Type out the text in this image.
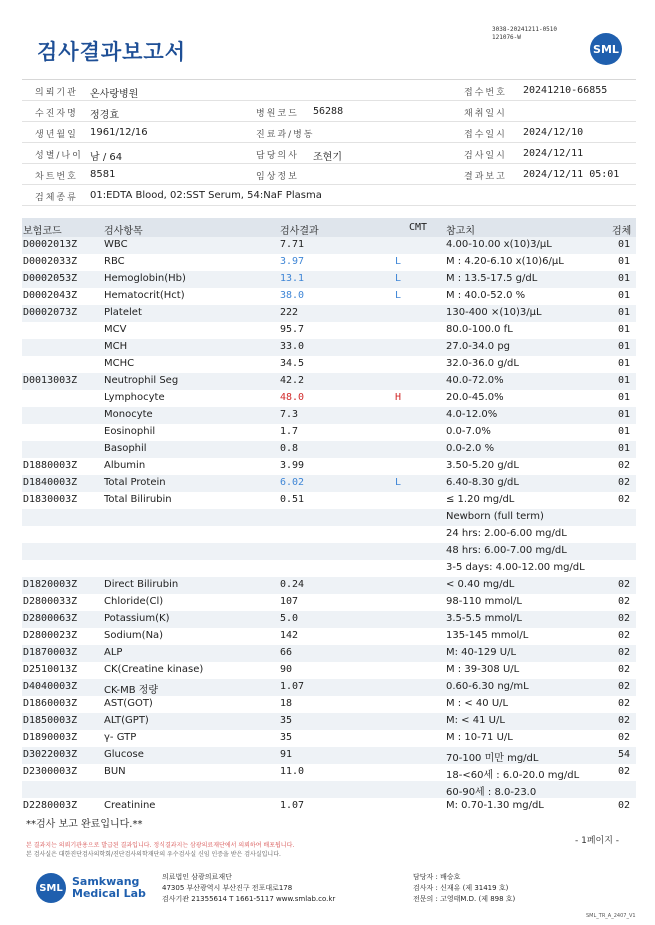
검사결과보고서
3038-20241211-0510
121076-W
SML
의뢰기관 온사랑병원	접수번호 20241210-66855
수진자명 정경효	병원코드 56288	채취일시
생년월일 1961/12/16	진료과/병동	접수일시 2024/12/10
성별/나이 남 / 64	담당의사 조현기	검사일시 2024/12/11
차트번호 8581	임상정보	결과보고 2024/12/11 05:01
검체종류 01:EDTA Blood, 02:SST Serum, 54:NaF Plasma
보험코드	검사항목	검사결과	CMT 참고치	검체
D0002013Z	WBC	7.71	4.00-10.00 x(10)3/μL	01
D0002033Z	RBC	3.97	L	M : 4.20-6.10 x(10)6/μL	01
D0002053Z	Hemoglobin(Hb)	13.1	L	M : 13.5-17.5 g/dL	01
D0002043Z	Hematocrit(Hct)	38.0	L	M : 40.0-52.0 %	01
D0002073Z	Platelet	222	130-400 ×(10)3/μL	01
MCV	95.7	80.0-100.0 fL	01
MCH	33.0	27.0-34.0 pg	01
MCHC	34.5	32.0-36.0 g/dL	01
D0013003Z	Neutrophil Seg	42.2	40.0-72.0%	01
Lymphocyte	48.0	H	20.0-45.0%	01
Monocyte	7.3	4.0-12.0%	01
Eosinophil	1.7	0.0-7.0%	01
Basophil	0.8	0.0-2.0 %	01
D1880003Z	Albumin	3.99	3.50-5.20 g/dL	02
D1840003Z	Total Protein	6.02	L	6.40-8.30 g/dL	02
D1830003Z	Total Bilirubin	0.51	≤ 1.20 mg/dL	02
Newborn (full term)
24 hrs: 2.00-6.00 mg/dL
48 hrs: 6.00-7.00 mg/dL
3-5 days: 4.00-12.00 mg/dL
D1820003Z	Direct Bilirubin	0.24	< 0.40 mg/dL	02
D2800033Z	Chloride(Cl)	107	98-110 mmol/L	02
D2800063Z	Potassium(K)	5.0	3.5-5.5 mmol/L	02
D2800023Z	Sodium(Na)	142	135-145 mmol/L	02
D1870003Z	ALP	66	M: 40-129 U/L	02
D2510013Z	CK(Creatine kinase)	90	M : 39-308 U/L	02
D4040003Z	CK-MB 정량	1.07	0.60-6.30 ng/mL	02
D1860003Z	AST(GOT)	18	M : < 40 U/L	02
D1850003Z	ALT(GPT)	35	M: < 41 U/L	02
D1890003Z	γ- GTP	35	M : 10-71 U/L	02
D3022003Z	Glucose	91	70-100 미만 mg/dL	54
D2300003Z	BUN	11.0	18-<60세 : 6.0-20.0 mg/dL	02
60-90세 : 8.0-23.0
D2280003Z	Creatinine	1.07	M: 0.70-1.30 mg/dL	02
**검사 보고 완료입니다.**
- 1페이지 -
본 결과지는 의뢰기관용으로 발급된 결과입니다. 정식결과지는 삼광의료재단에서 의뢰하여 배포됩니다.
본 검사실은 대한진단검사의학회/진단검사의학재단의 우수검사실 신임 인증을 받은 검사실입니다.
SML Samkwang
Medical Lab
의료법인 삼광의료재단
47305 부산광역시 부산진구 전포대로178
검사기관 21355614 T 1661-5117 www.smlab.co.kr
담당자 : 배승호
검사자 : 신재유 (제 31419 호)
전문의 : 고영태M.D. (제 898 호)
SML_TR_A_2407_V1
